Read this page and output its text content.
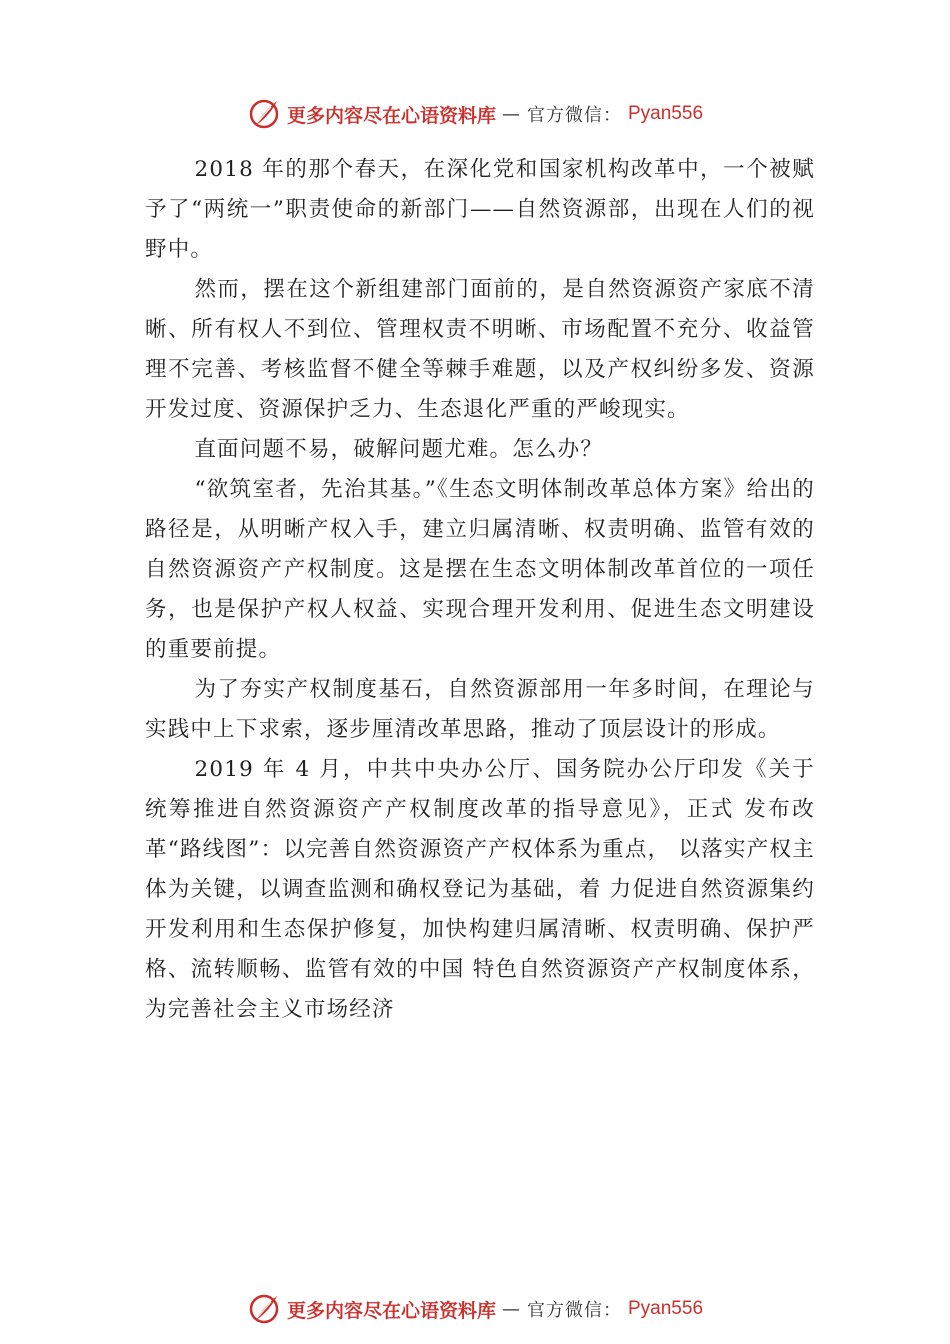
更多内容尽在心语资料库 — 官方微信： Pyan556

2018 年的那个春天，在深化党和国家机构改革中，一个被赋予了“两统一”职责使命的新部门——自然资源部，出现在人们的视野中。

然而，摆在这个新组建部门面前的，是自然资源资产家底不清晰、所有权人不到位、管理权责不明晰、市场配置不充分、收益管理不完善、考核监督不健全等棘手难题，以及产权纠纷多发、资源开发过度、资源保护乏力、生态退化严重的严峻现实。

直面问题不易，破解问题尤难。怎么办？

“欲筑室者，先治其基。”《生态文明体制改革总体方案》给出的路径是，从明晰产权入手，建立归属清晰、权责明确、监管有效的自然资源资产产权制度。这是摆在生态文明体制改革首位的一项任务，也是保护产权人权益、实现合理开发利用、促进生态文明建设的重要前提。

为了夯实产权制度基石，自然资源部用一年多时间，在理论与实践中上下求索，逐步厘清改革思路，推动了顶层设计的形成。

2019 年 4 月，中共中央办公厅、国务院办公厅印发《关于统筹推进自然资源资产产权制度改革的指导意见》，正式 发布改革“路线图”：以完善自然资源资产产权体系为重点， 以落实产权主体为关键，以调查监测和确权登记为基础，着 力促进自然资源集约开发利用和生态保护修复，加快构建归属清晰、权责明确、保护严格、流转顺畅、监管有效的中国 特色自然资源资产产权制度体系，为完善社会主义市场经济

更多内容尽在心语资料库 — 官方微信： Pyan556
